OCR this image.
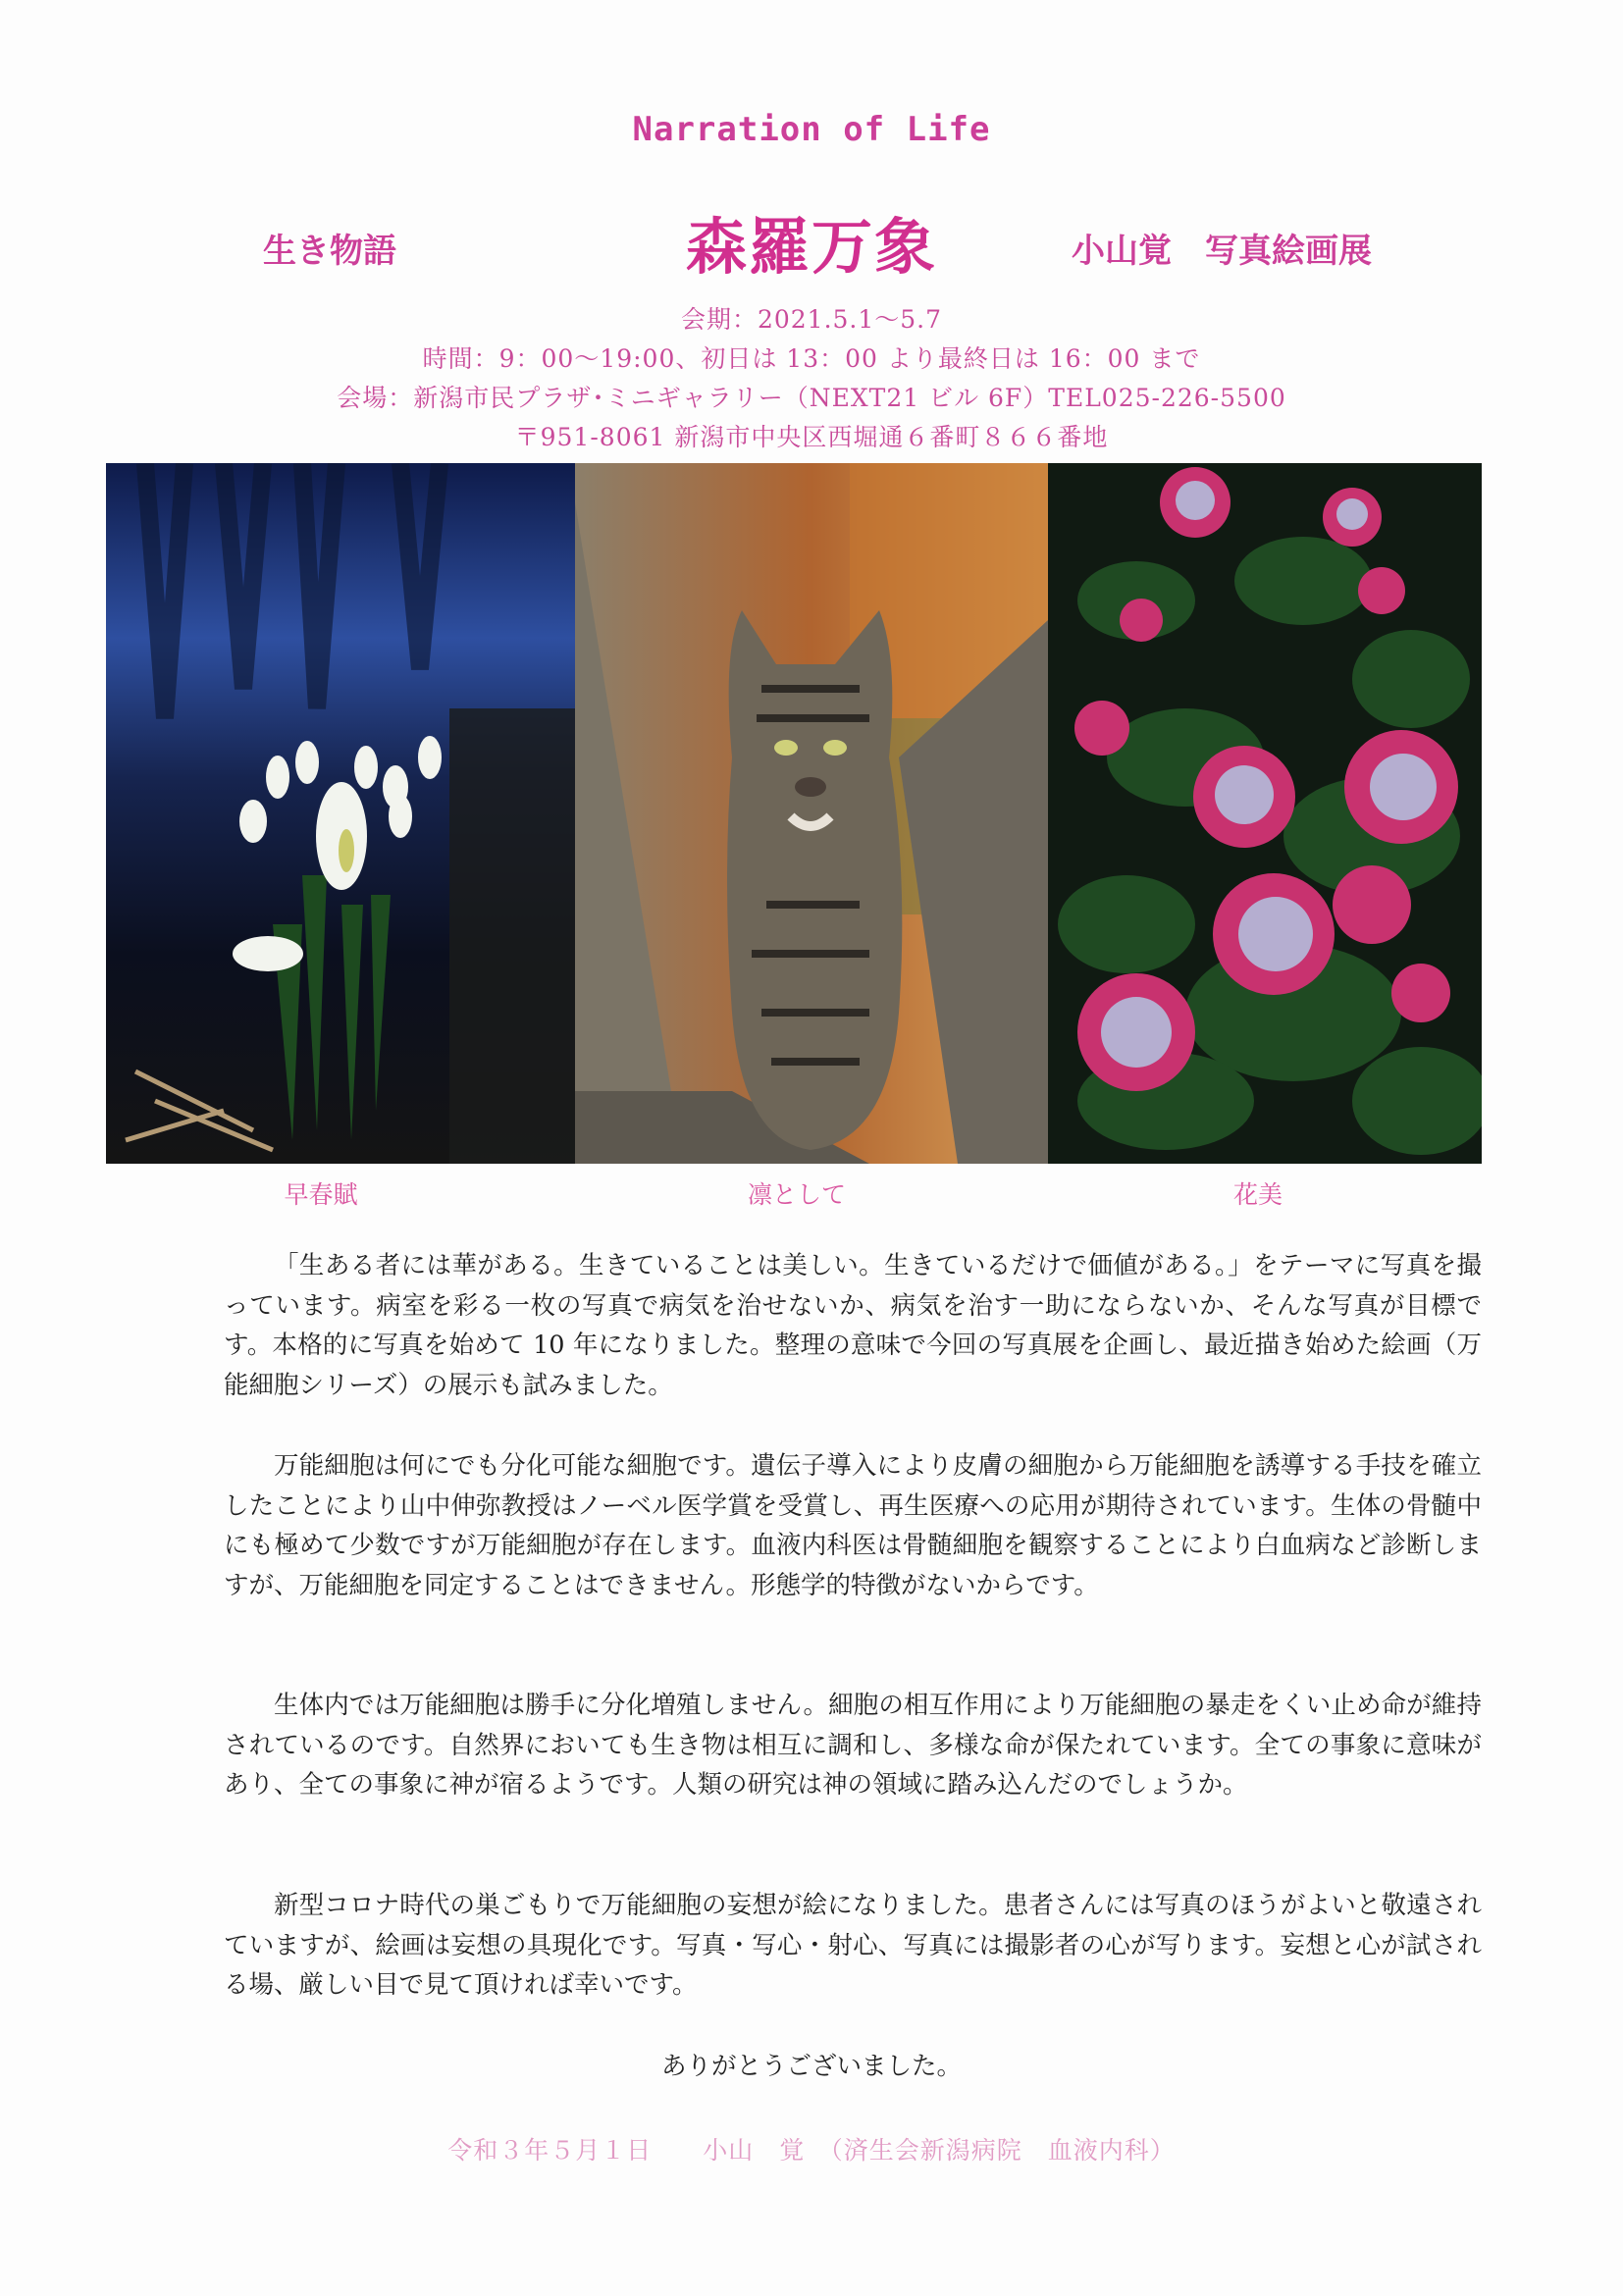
Narration of Life
生き物語	森羅万象	小山覚　写真絵画展
会期：2021.5.1～5.7
時間：9：00～19:00、初日は 13：00 より最終日は 16：00 まで
会場：新潟市民プラザ･ミニギャラリー（NEXT21 ビル 6F）TEL025-226-5500
〒951-8061 新潟市中央区西堀通６番町８６６番地
早春賦	凛として	花美

「生ある者には華がある。生きていることは美しい。生きているだけで価値がある。」をテーマに写真を撮っています。病室を彩る一枚の写真で病気を治せないか、病気を治す一助にならないか、そんな写真が目標です。本格的に写真を始めて 10 年になりました。整理の意味で今回の写真展を企画し、最近描き始めた絵画（万能細胞シリーズ）の展示も試みました。

万能細胞は何にでも分化可能な細胞です。遺伝子導入により皮膚の細胞から万能細胞を誘導する手技を確立したことにより山中伸弥教授はノーベル医学賞を受賞し、再生医療への応用が期待されています。生体の骨髄中にも極めて少数ですが万能細胞が存在します。血液内科医は骨髄細胞を観察することにより白血病など診断しますが、万能細胞を同定することはできません。形態学的特徴がないからです。

生体内では万能細胞は勝手に分化増殖しません。細胞の相互作用により万能細胞の暴走をくい止め命が維持されているのです。自然界においても生き物は相互に調和し、多様な命が保たれています。全ての事象に意味があり、全ての事象に神が宿るようです。人類の研究は神の領域に踏み込んだのでしょうか。

新型コロナ時代の巣ごもりで万能細胞の妄想が絵になりました。患者さんには写真のほうがよいと敬遠されていますが、絵画は妄想の具現化です。写真・写心・射心、写真には撮影者の心が写ります。妄想と心が試される場、厳しい目で見て頂ければ幸いです。

ありがとうございました。
令和３年５月１日　　小山　覚　（済生会新潟病院　血液内科）
